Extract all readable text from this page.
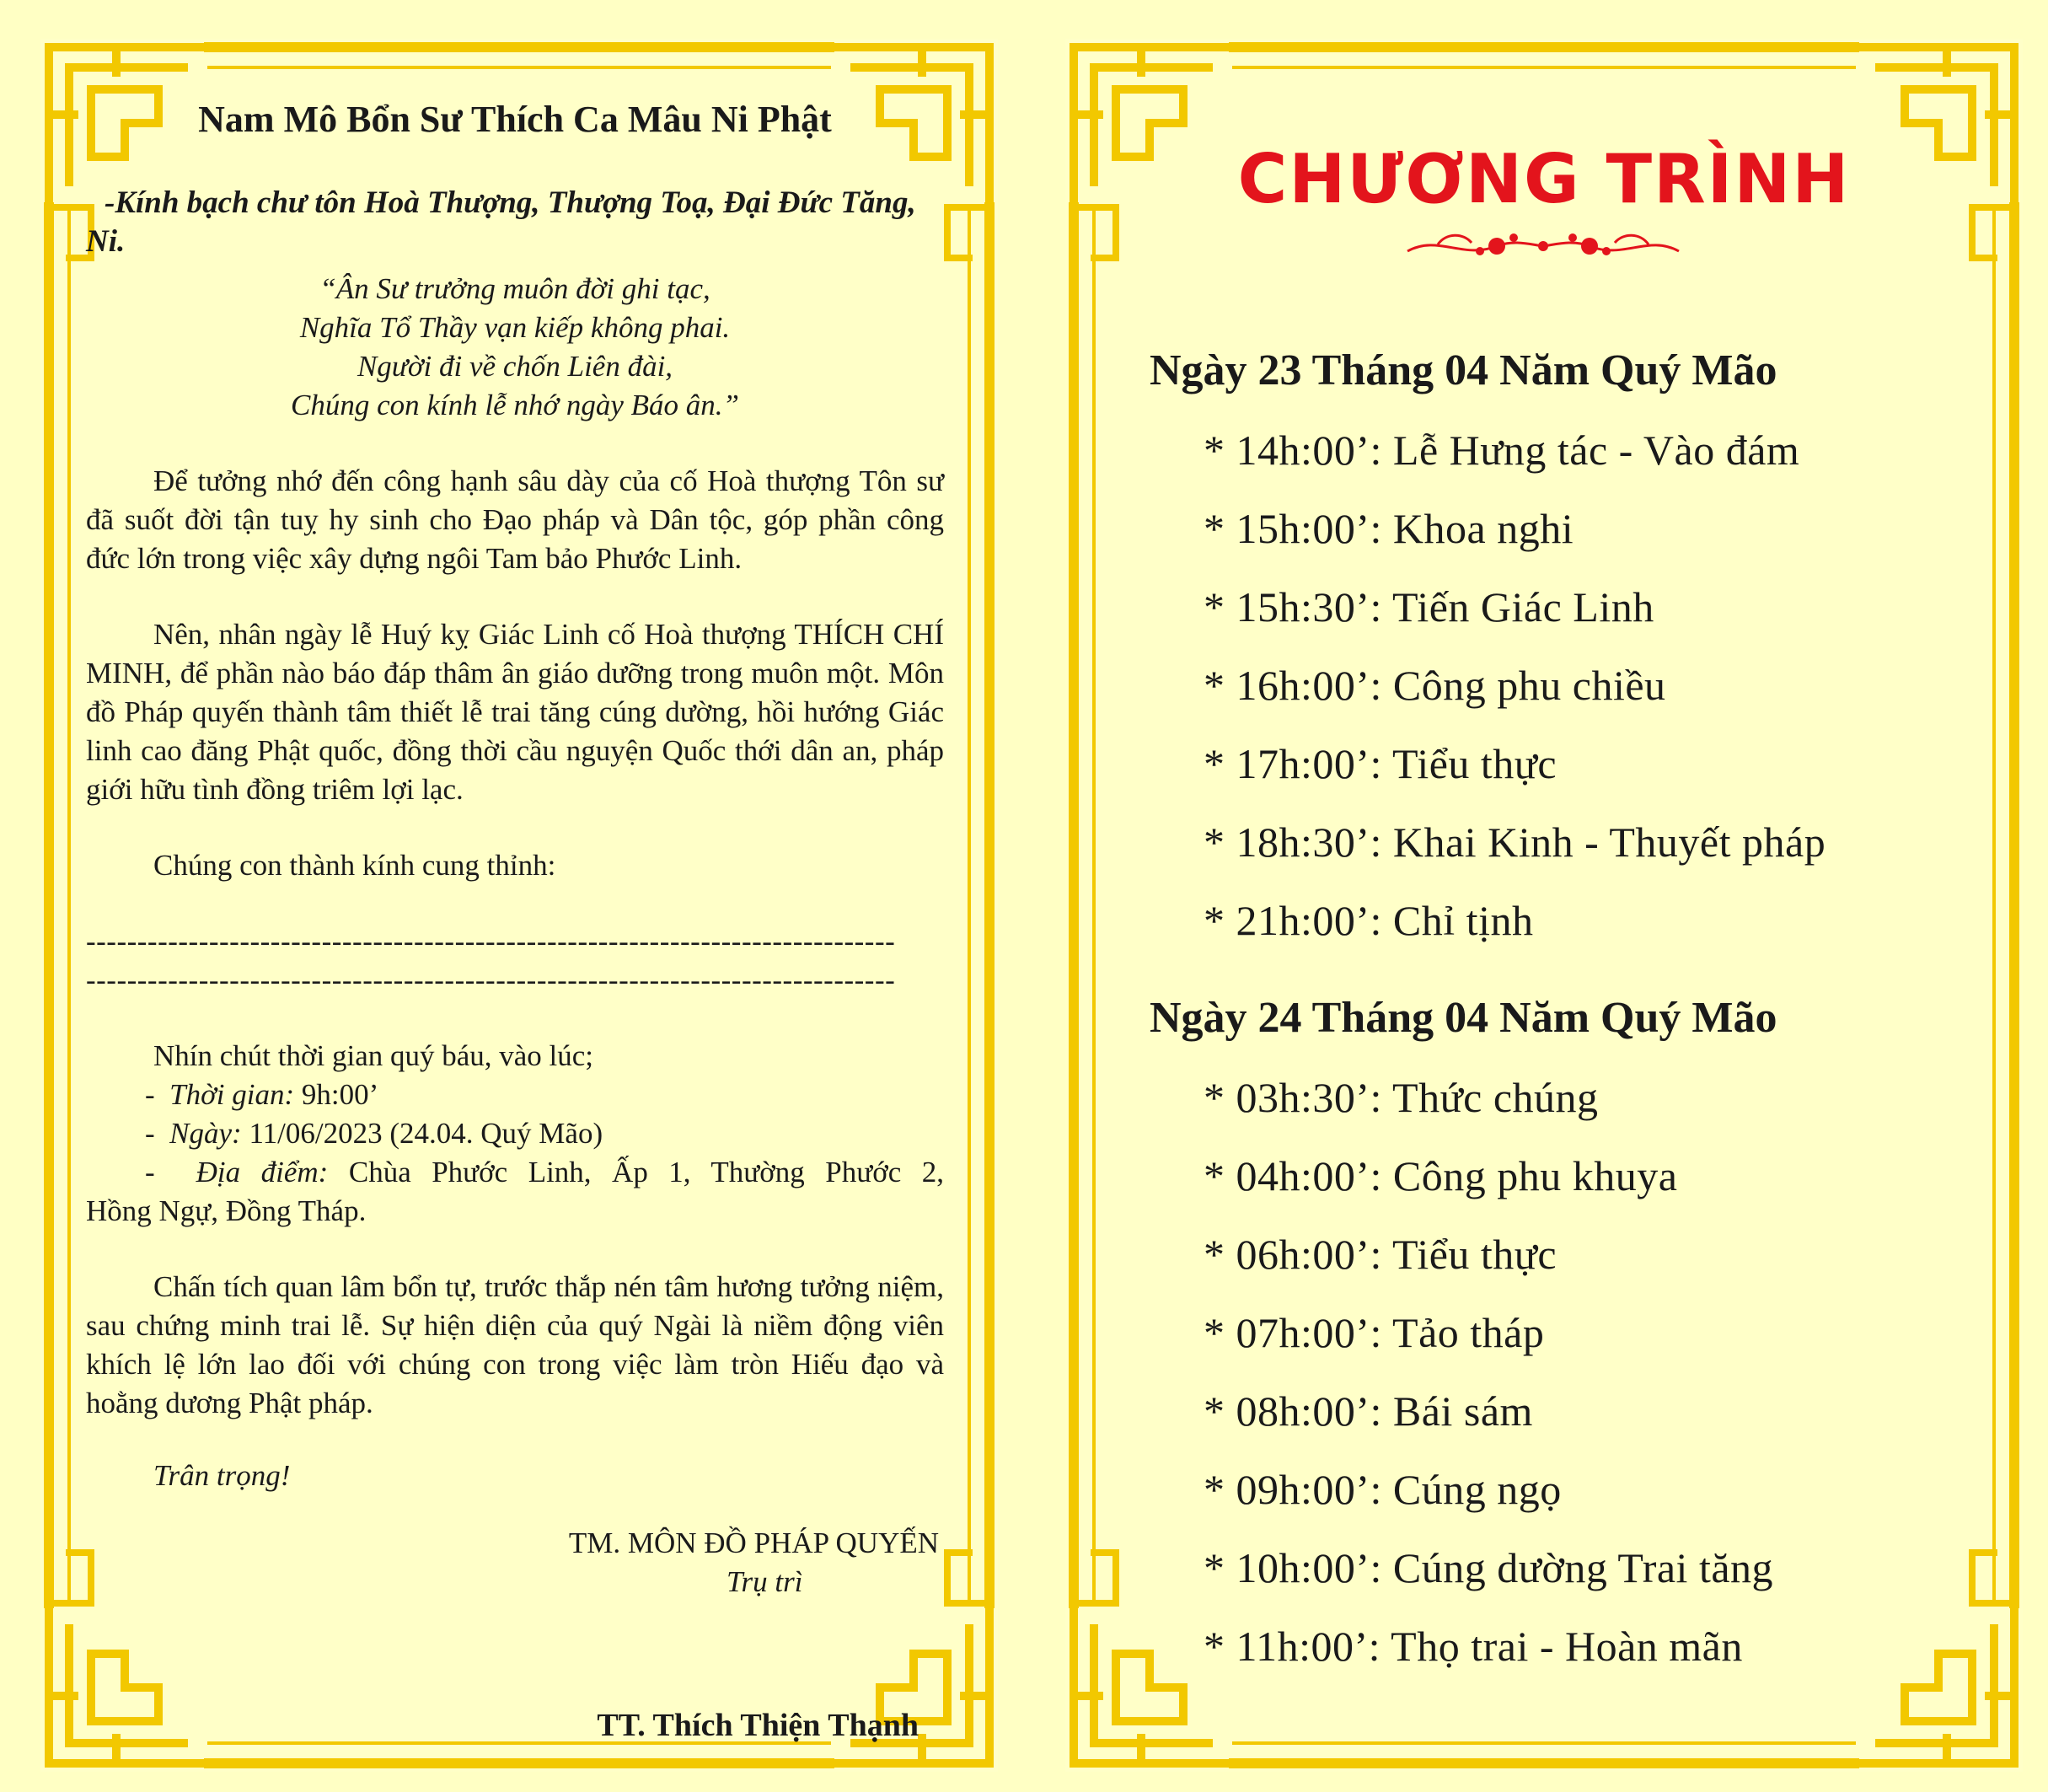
Nam Mô Bổn Sư Thích Ca Mâu Ni Phật

-Kính bạch chư tôn Hoà Thượng, Thượng Toạ, Đại Đức Tăng, Ni.

“Ân Sư trưởng muôn đời ghi tạc,
Nghĩa Tổ Thầy vạn kiếp không phai.
Người đi về chốn Liên đài,
Chúng con kính lễ nhớ ngày Báo ân.”

Để tưởng nhớ đến công hạnh sâu dày của cố Hoà thượng Tôn sư đã suốt đời tận tuỵ hy sinh cho Đạo pháp và Dân tộc, góp phần công đức lớn trong việc xây dựng ngôi Tam bảo Phước Linh.

Nên, nhân ngày lễ Huý kỵ Giác Linh cố Hoà thượng THÍCH CHÍ MINH, để phần nào báo đáp thâm ân giáo dưỡng trong muôn một. Môn đồ Pháp quyến thành tâm thiết lễ trai tăng cúng dường, hồi hướng Giác linh cao đăng Phật quốc, đồng thời cầu nguyện Quốc thới dân an, pháp giới hữu tình đồng triêm lợi lạc.

Chúng con thành kính cung thỉnh:

-------------------------------------------------------------------------------

-------------------------------------------------------------------------------

Nhín chút thời gian quý báu, vào lúc;

-  Thời gian: 9h:00’

-  Ngày: 11/06/2023 (24.04. Quý Mão)

-  Địa điểm: Chùa Phước Linh, Ấp 1, Thường Phước 2,

Hồng Ngự, Đồng Tháp.

Chấn tích quan lâm bổn tự, trước thắp nén tâm hương tưởng niệm, sau chứng minh trai lễ. Sự hiện diện của quý Ngài là niềm động viên khích lệ lớn lao đối với chúng con trong việc làm tròn Hiếu đạo và hoằng dương Phật pháp.

Trân trọng!

TM. MÔN ĐỒ PHÁP QUYẾN

Trụ trì

TT. Thích Thiện Thạnh

CHƯƠNG TRÌNH
Ngày 23 Tháng 04 Năm Quý Mão
* 14h:00’: Lễ Hưng tác - Vào đám
* 15h:00’: Khoa nghi
* 15h:30’: Tiến Giác Linh
* 16h:00’: Công phu chiều
* 17h:00’: Tiểu thực
* 18h:30’: Khai Kinh - Thuyết pháp
* 21h:00’: Chỉ tịnh
Ngày 24 Tháng 04 Năm Quý Mão
* 03h:30’: Thức chúng
* 04h:00’: Công phu khuya
* 06h:00’: Tiểu thực
* 07h:00’: Tảo tháp
* 08h:00’: Bái sám
* 09h:00’: Cúng ngọ
* 10h:00’: Cúng dường Trai tăng
* 11h:00’: Thọ trai - Hoàn mãn
